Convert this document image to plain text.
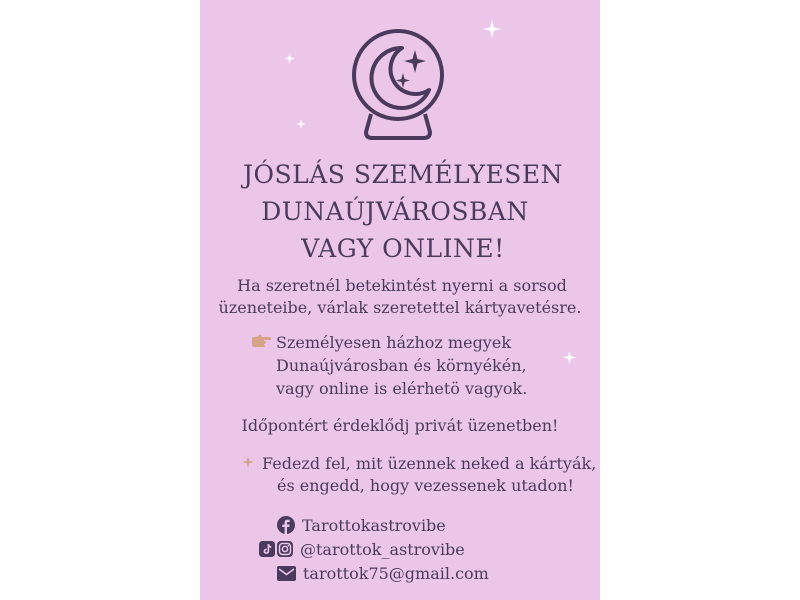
JÓSLÁS SZEMÉLYESEN
DUNAÚJVÁROSBAN
VAGY ONLINE!
Ha szeretnél betekintést nyerni a sorsod
üzeneteibe, várlak szeretettel kártyavetésre.
Személyesen házhoz megyek
Dunaújvárosban és környékén,
vagy online is elérhetö vagyok.
Időpontért érdeklődj privát üzenetben!
Fedezd fel, mit üzennek neked a kártyák,
és engedd, hogy vezessenek utadon!
Tarottokastrovibe
@tarottok_astrovibe
tarottok75@gmail.com
